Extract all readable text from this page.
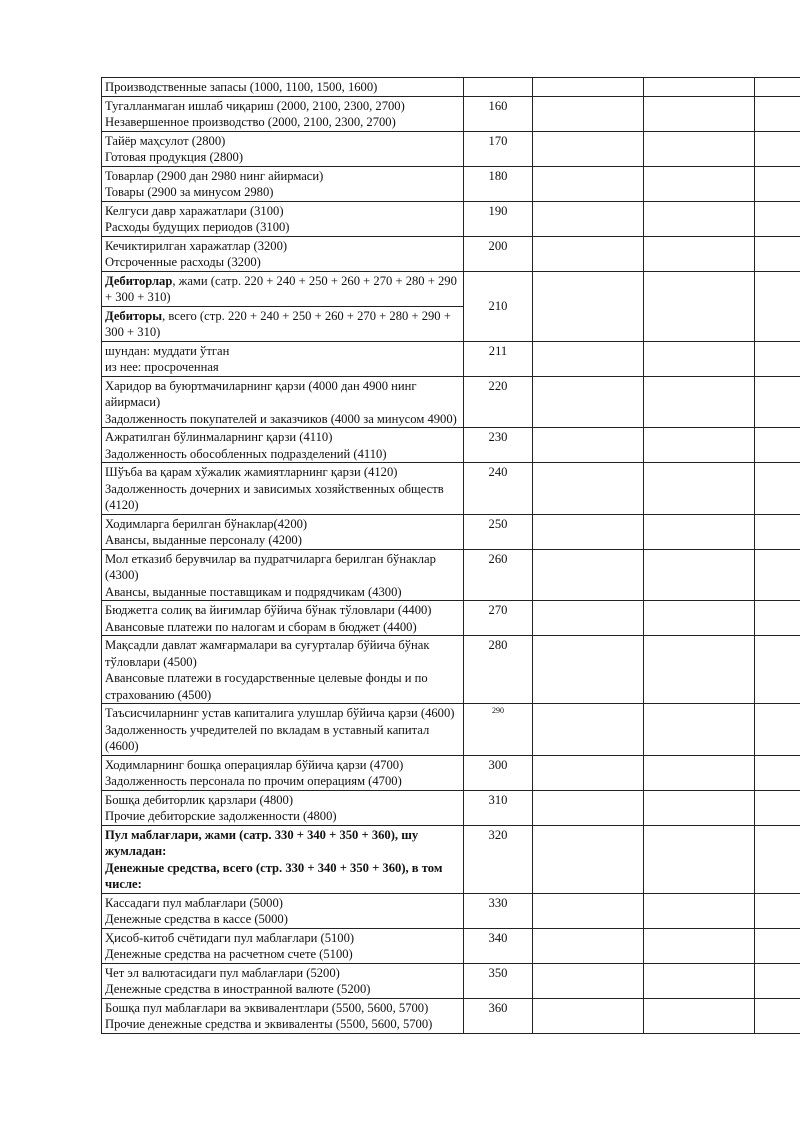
Производственные запасы (1000, 1100, 1500, 1600)				

Тугалланмаган ишлаб чиқариш (2000, 2100, 2300, 2700)
Незавершенное производство (2000, 2100, 2300, 2700)	160			

Тайёр маҳсулот (2800)
Готовая продукция (2800)	170			

Товарлар (2900 дан 2980 нинг айирмаси)
Товары (2900 за минусом 2980)	180			

Келгуси давр харажатлари (3100)
Расходы будущих периодов (3100)	190			

Кечиктирилган харажатлар (3200)
Отсроченные расходы (3200)	200			
Дебиторлар, жами (сатр. 220 + 240 + 250 + 260 + 270 + 280 + 290 + 300 + 310)	210			
Дебиторы, всего (стр. 220 + 240 + 250 + 260 + 270 + 280 + 290 + 300 + 310)				

шундан: муддати ўтган
из нее: просроченная	211			

Харидор ва буюртмачиларнинг қарзи (4000 дан 4900 нинг айирмаси)
Задолженность покупателей и заказчиков (4000 за минусом 4900)	220			

Ажратилган бўлинмаларнинг қарзи (4110)
Задолженность обособленных подразделений (4110)	230			

Шўъба ва қарам хўжалик жамиятларнинг қарзи (4120)
Задолженность дочерних и зависимых хозяйственных обществ (4120)	240			

Ходимларга берилган бўнаклар(4200)
Авансы, выданные персоналу (4200)	250			

Мол етказиб берувчилар ва пудратчиларга берилган бўнаклар (4300)
Авансы, выданные поставщикам и подрядчикам (4300)	260			

Бюджетга солиқ ва йиғимлар бўйича бўнак тўловлари (4400)
Авансовые платежи по налогам и сборам в бюджет (4400)	270			

Мақсадли давлат жамғармалари ва суғурталар бўйича бўнак тўловлари (4500)
Авансовые платежи в государственные целевые фонды и по страхованию (4500)	280			

Таъсисчиларнинг устав капиталига улушлар бўйича қарзи (4600)
Задолженность учредителей по вкладам в уставный капитал (4600)	290			

Ходимларнинг бошқа операциялар бўйича қарзи (4700)
Задолженность персонала по прочим операциям (4700)	300			

Бошқа дебиторлик қарзлари (4800)
Прочие дебиторские задолженности (4800)	310			

Пул маблағлари, жами (сатр. 330 + 340 + 350 + 360), шу жумладан:
Денежные средства, всего (стр. 330 + 340 + 350 + 360), в том числе:	320			

Кассадаги пул маблағлари (5000)
Денежные средства в кассе (5000)	330			

Ҳисоб-китоб счётидаги пул маблағлари (5100)
Денежные средства на расчетном счете (5100)	340			

Чет эл валютасидаги пул маблағлари (5200)
Денежные средства в иностранной валюте (5200)	350			

Бошқа пул маблағлари ва эквивалентлари (5500, 5600, 5700)
Прочие денежные средства и эквиваленты (5500, 5600, 5700)	360			
